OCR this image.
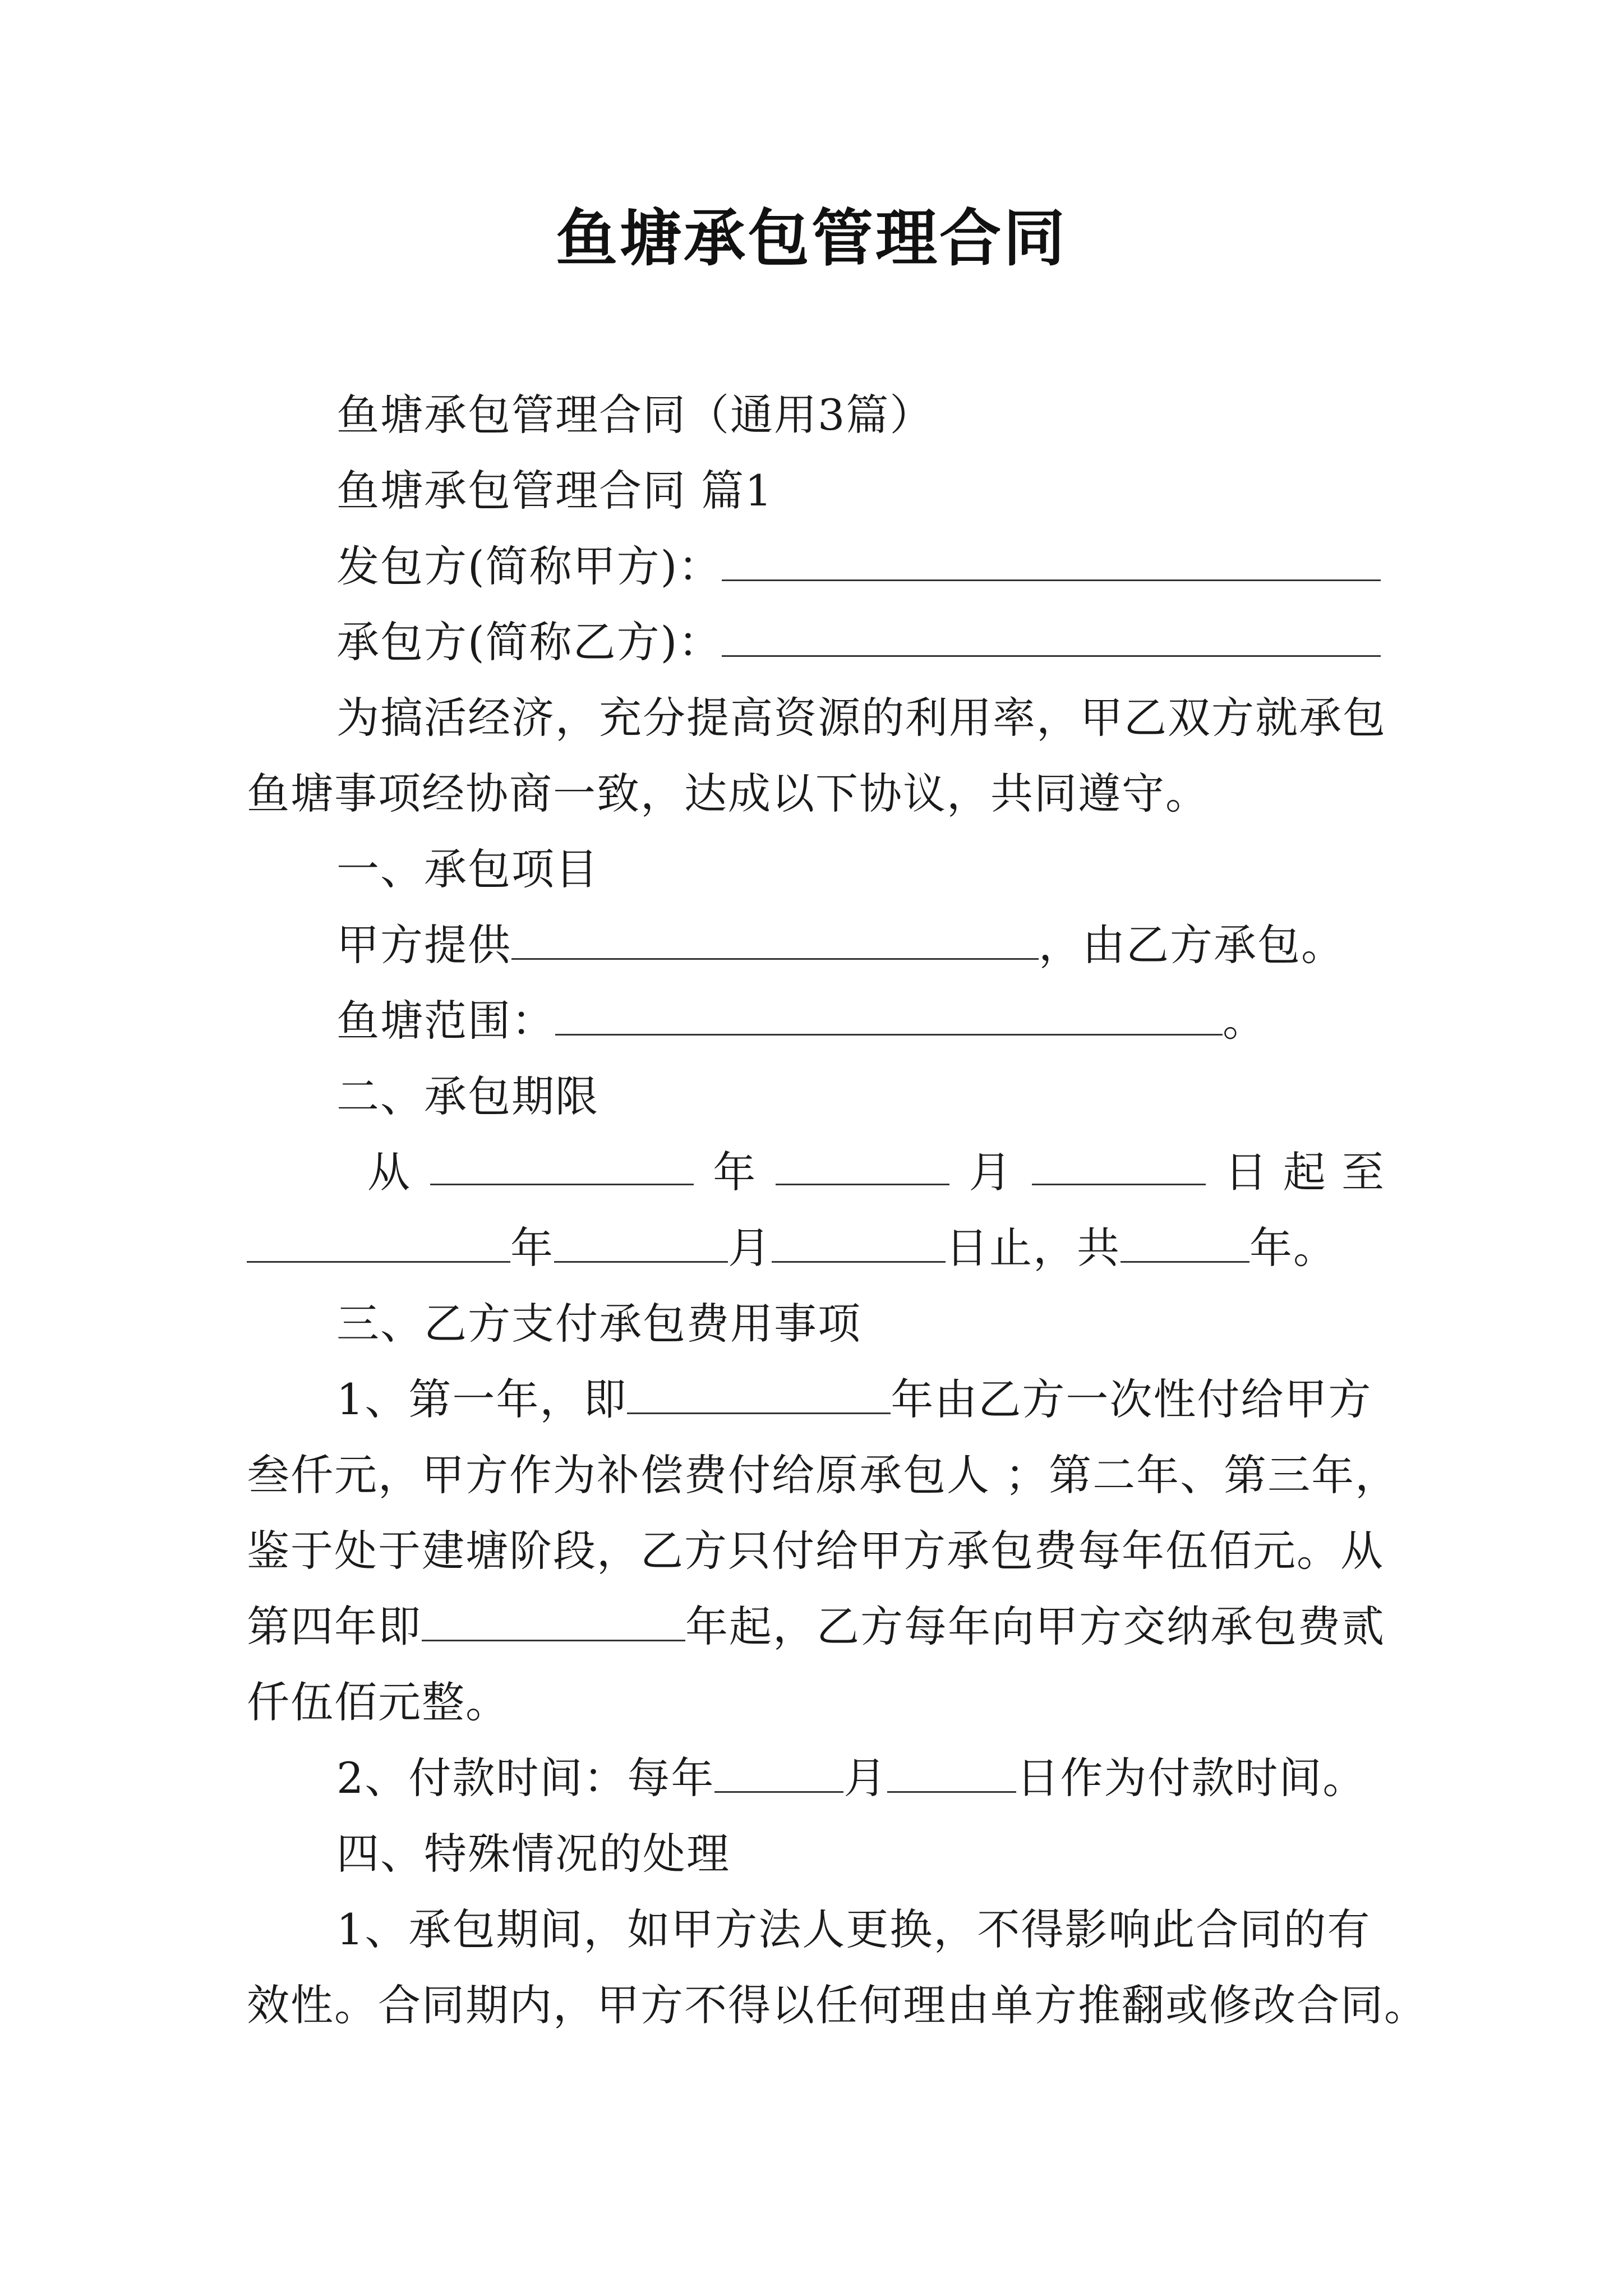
鱼塘承包管理合同
鱼塘承包管理合同（通用3篇）
鱼塘承包管理合同 篇1
发包方(简称甲方)：
承包方(简称乙方)：
为搞活经济，充分提高资源的利用率，甲乙双方就承包
鱼塘事项经协商一致，达成以下协议，共同遵守。
一、承包项目
甲方提供	，由乙方承包。
鱼塘范围：	。
二、承包期限
从	年	月	日 起 至
年	月	日止，共	年。
三、乙方支付承包费用事项
1、第一年，即	年由乙方一次性付给甲方
叁仟元，甲方作为补偿费付给原承包人 ；第二年、第三年，
鉴于处于建塘阶段，乙方只付给甲方承包费每年伍佰元。从
第四年即	年起，乙方每年向甲方交纳承包费贰
仟伍佰元整。
2、付款时间：每年	月	日作为付款时间。
四、特殊情况的处理
1、承包期间，如甲方法人更换，不得影响此合同的有
效性。合同期内，甲方不得以任何理由单方推翻或修改合同。
